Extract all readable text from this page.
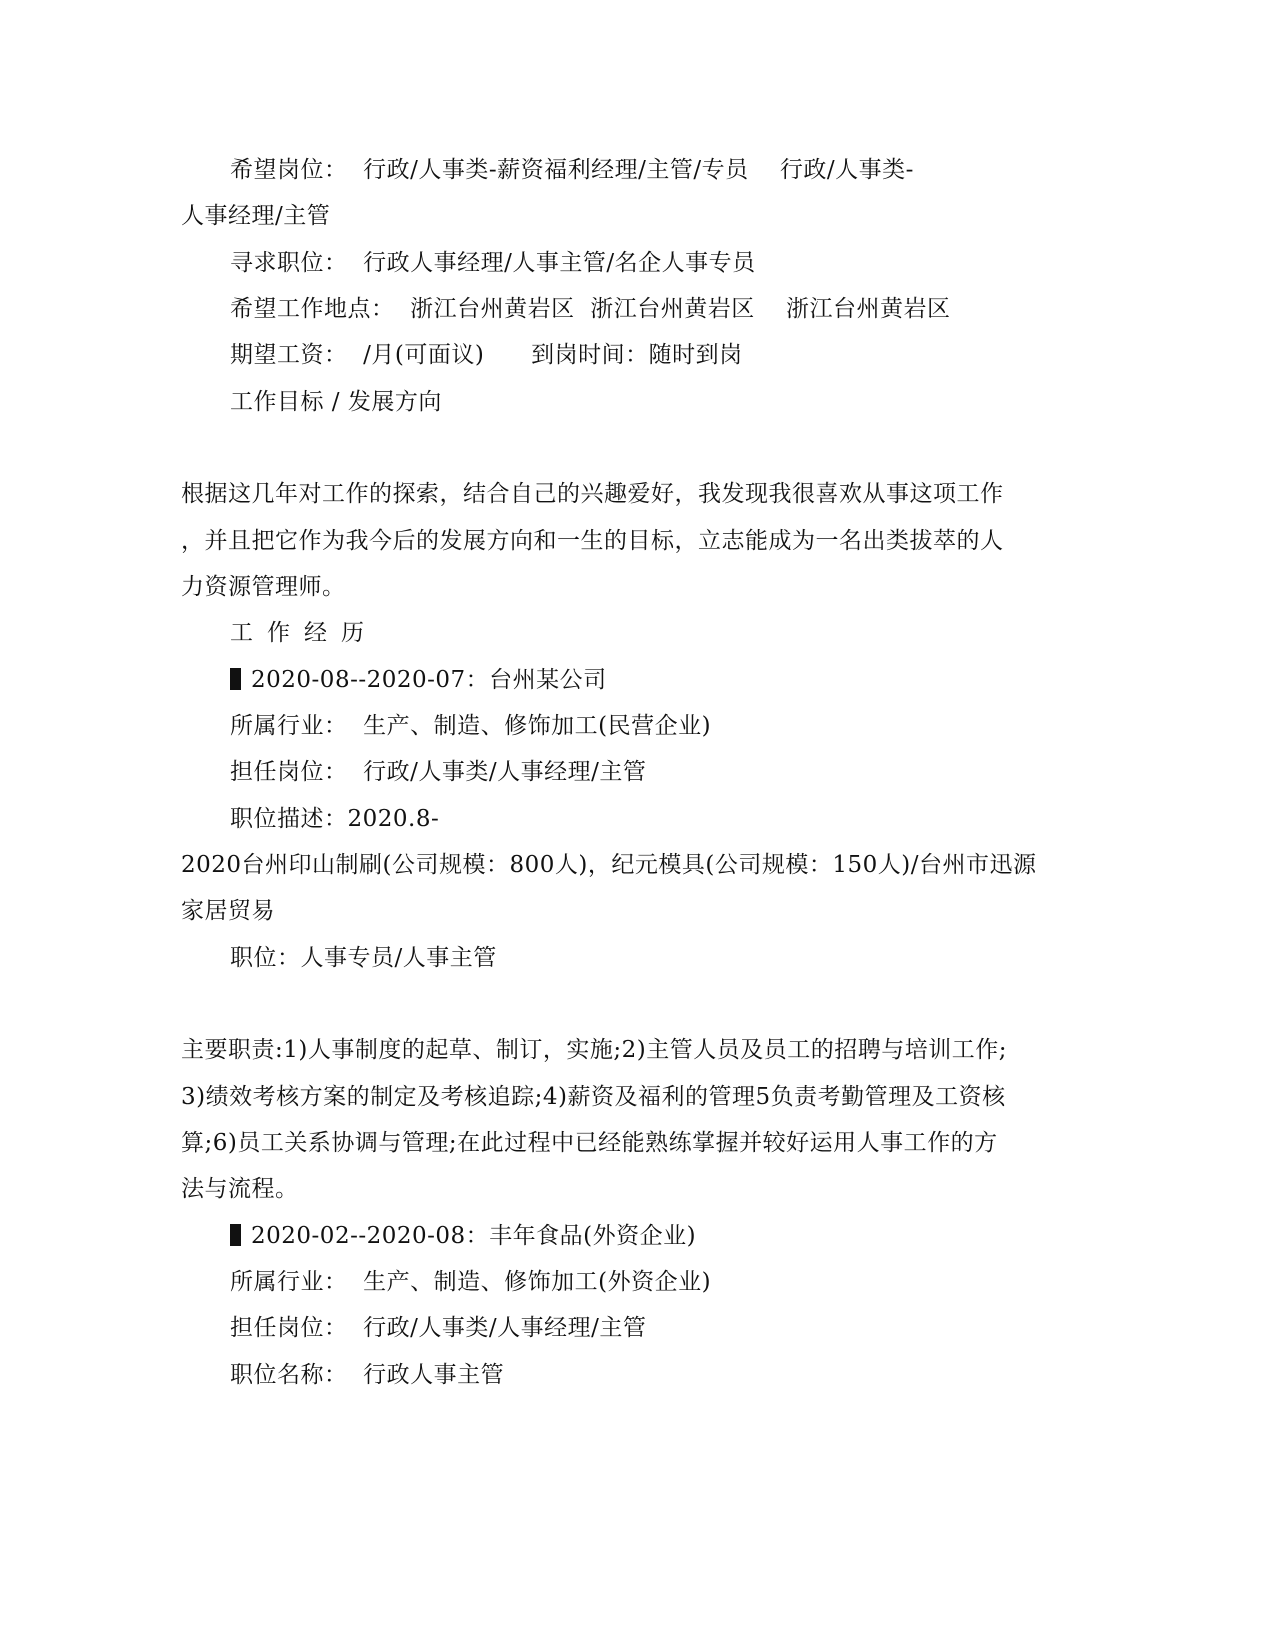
希望岗位：  行政/人事类-薪资福利经理/主管/专员    行政/人事类-
人事经理/主管
寻求职位：  行政人事经理/人事主管/名企人事专员
希望工作地点：  浙江台州黄岩区  浙江台州黄岩区    浙江台州黄岩区
期望工资：  /月(可面议)      到岗时间：随时到岗
工作目标 / 发展方向
根据这几年对工作的探索，结合自己的兴趣爱好，我发现我很喜欢从事这项工作
，并且把它作为我今后的发展方向和一生的目标，立志能成为一名出类拔萃的人
力资源管理师。
工作经历
2020-08--2020-07：台州某公司
所属行业：  生产、制造、修饰加工(民营企业)
担任岗位：  行政/人事类/人事经理/主管
职位描述：2020.8-
2020台州印山制刷(公司规模：800人)，纪元模具(公司规模：150人)/台州市迅源
家居贸易
职位：人事专员/人事主管
主要职责:1)人事制度的起草、制订，实施;2)主管人员及员工的招聘与培训工作;
3)绩效考核方案的制定及考核追踪;4)薪资及福利的管理5负责考勤管理及工资核
算;6)员工关系协调与管理;在此过程中已经能熟练掌握并较好运用人事工作的方
法与流程。
2020-02--2020-08：丰年食品(外资企业)
所属行业：  生产、制造、修饰加工(外资企业)
担任岗位：  行政/人事类/人事经理/主管
职位名称：  行政人事主管
